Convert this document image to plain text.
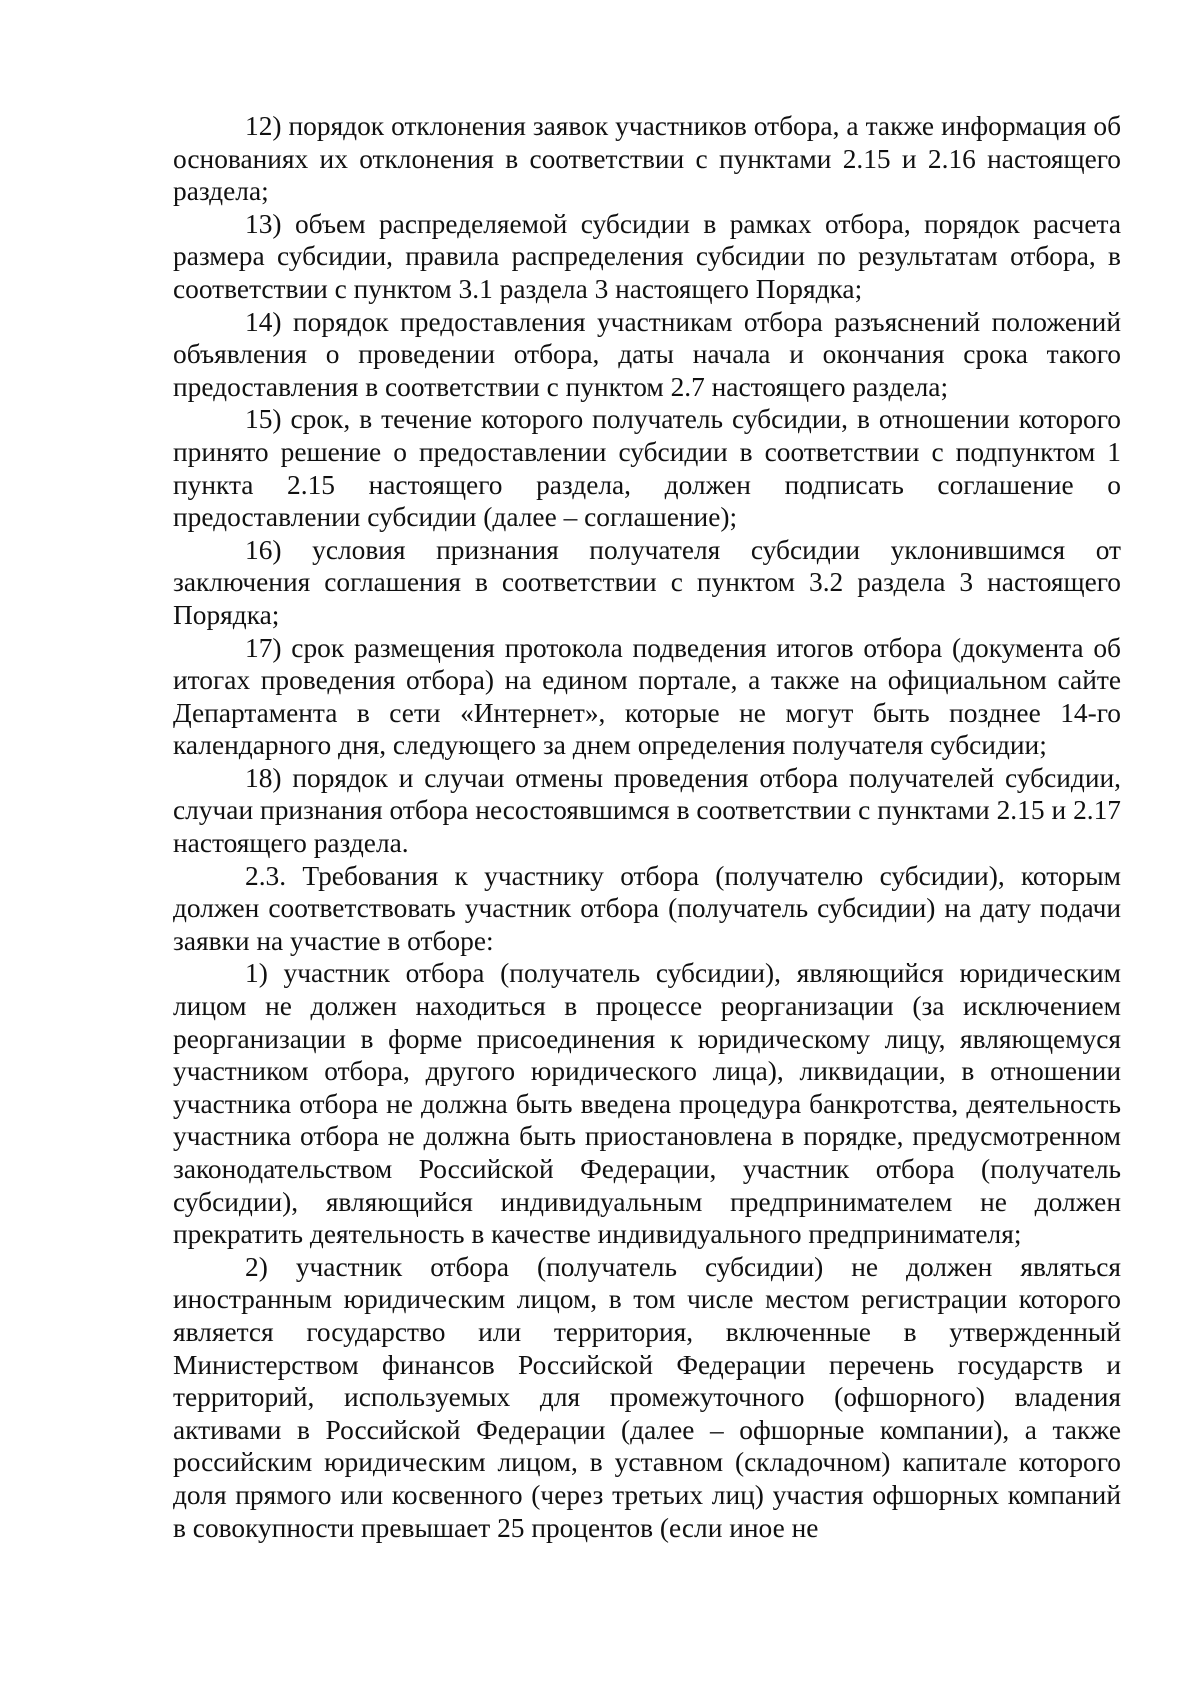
12) порядок отклонения заявок участников отбора, а также информация об основаниях их отклонения в соответствии с пунктами 2.15 и 2.16 настоящего раздела;

13) объем распределяемой субсидии в рамках отбора, порядок расчета размера субсидии, правила распределения субсидии по результатам отбора, в соответствии с пунктом 3.1 раздела 3 настоящего Порядка;

14) порядок предоставления участникам отбора разъяснений положений объявления о проведении отбора, даты начала и окончания срока такого предоставления в соответствии с пунктом 2.7 настоящего раздела;

15) срок, в течение которого получатель субсидии, в отношении которого принято решение о предоставлении субсидии в соответствии с подпунктом 1 пункта 2.15 настоящего раздела, должен подписать соглашение о предоставлении субсидии (далее – соглашение);

16) условия признания получателя субсидии уклонившимся от заключения соглашения в соответствии с пунктом 3.2 раздела 3 настоящего Порядка;

17) срок размещения протокола подведения итогов отбора (документа об итогах проведения отбора) на едином портале, а также на официальном сайте Департамента в сети «Интернет», которые не могут быть позднее 14-го календарного дня, следующего за днем определения получателя субсидии;

18) порядок и случаи отмены проведения отбора получателей субсидии, случаи признания отбора несостоявшимся в соответствии с пунктами 2.15 и 2.17 настоящего раздела.

2.3. Требования к участнику отбора (получателю субсидии), которым должен соответствовать участник отбора (получатель субсидии) на дату подачи заявки на участие в отборе:

1) участник отбора (получатель субсидии), являющийся юридическим лицом не должен находиться в процессе реорганизации (за исключением реорганизации в форме присоединения к юридическому лицу, являющемуся участником отбора, другого юридического лица), ликвидации, в отношении участника отбора не должна быть введена процедура банкротства, деятельность участника отбора не должна быть приостановлена в порядке, предусмотренном законодательством Российской Федерации, участник отбора (получатель субсидии), являющийся индивидуальным предпринимателем не должен прекратить деятельность в качестве индивидуального предпринимателя;

2) участник отбора (получатель субсидии) не должен являться иностранным юридическим лицом, в том числе местом регистрации которого является государство или территория, включенные в утвержденный Министерством финансов Российской Федерации перечень государств и территорий, используемых для промежуточного (офшорного) владения активами в Российской Федерации (далее – офшорные компании), а также российским юридическим лицом, в уставном (складочном) капитале которого доля прямого или косвенного (через третьих лиц) участия офшорных компаний в совокупности превышает 25 процентов (если иное не
